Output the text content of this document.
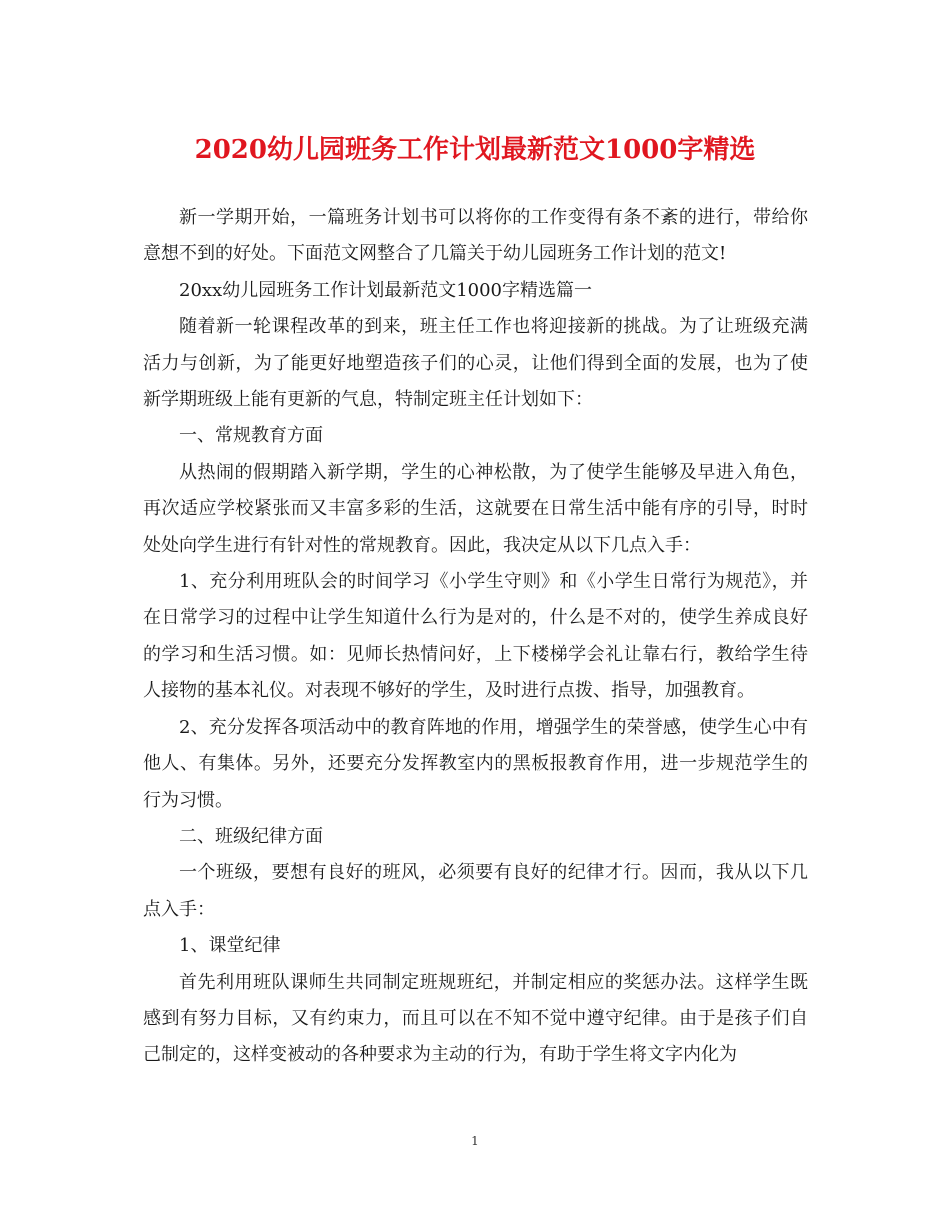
2020幼儿园班务工作计划最新范文1000字精选

新一学期开始，一篇班务计划书可以将你的工作变得有条不紊的进行，带给你意想不到的好处。下面范文网整合了几篇关于幼儿园班务工作计划的范文!

20xx幼儿园班务工作计划最新范文1000字精选篇一

随着新一轮课程改革的到来，班主任工作也将迎接新的挑战。为了让班级充满活力与创新，为了能更好地塑造孩子们的心灵，让他们得到全面的发展，也为了使新学期班级上能有更新的气息，特制定班主任计划如下：

一、常规教育方面

从热闹的假期踏入新学期，学生的心神松散，为了使学生能够及早进入角色，再次适应学校紧张而又丰富多彩的生活，这就要在日常生活中能有序的引导，时时处处向学生进行有针对性的常规教育。因此，我决定从以下几点入手：

1、充分利用班队会的时间学习《小学生守则》和《小学生日常行为规范》，并在日常学习的过程中让学生知道什么行为是对的，什么是不对的，使学生养成良好的学习和生活习惯。如：见师长热情问好，上下楼梯学会礼让靠右行，教给学生待人接物的基本礼仪。对表现不够好的学生，及时进行点拨、指导，加强教育。

2、充分发挥各项活动中的教育阵地的作用，增强学生的荣誉感，使学生心中有他人、有集体。另外，还要充分发挥教室内的黑板报教育作用，进一步规范学生的行为习惯。

二、班级纪律方面

一个班级，要想有良好的班风，必须要有良好的纪律才行。因而，我从以下几点入手：

1、课堂纪律

首先利用班队课师生共同制定班规班纪，并制定相应的奖惩办法。这样学生既感到有努力目标，又有约束力，而且可以在不知不觉中遵守纪律。由于是孩子们自己制定的，这样变被动的各种要求为主动的行为，有助于学生将文字内化为

1
